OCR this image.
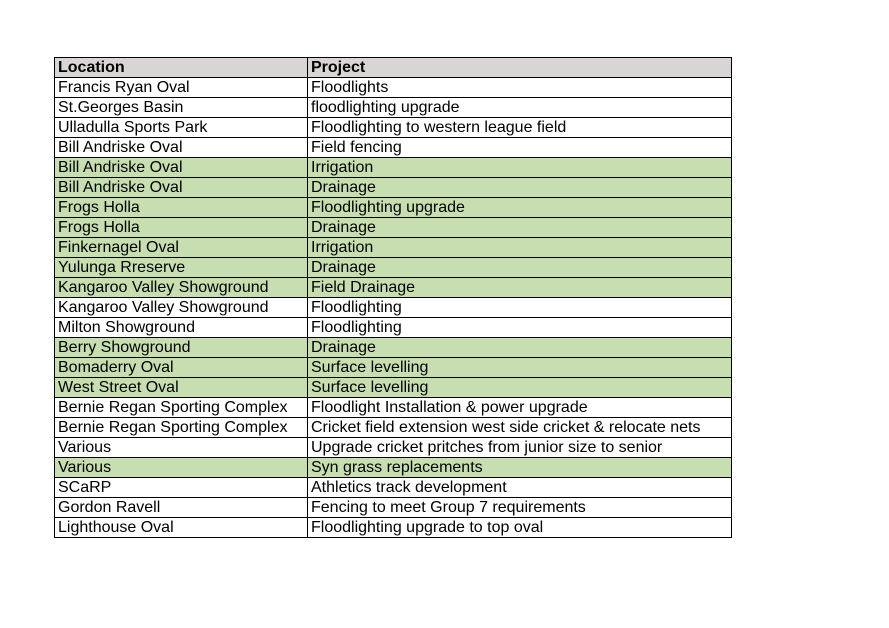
Location	Project
Francis Ryan Oval	Floodlights
St.Georges Basin	floodlighting upgrade
Ulladulla Sports Park	Floodlighting to western league field
Bill Andriske Oval	Field fencing
Bill Andriske Oval	Irrigation
Bill Andriske Oval	Drainage
Frogs Holla	Floodlighting upgrade
Frogs Holla	Drainage
Finkernagel Oval	Irrigation
Yulunga Rreserve	Drainage
Kangaroo Valley Showground	Field Drainage
Kangaroo Valley Showground	Floodlighting
Milton Showground	Floodlighting
Berry Showground	Drainage
Bomaderry Oval	Surface levelling
West Street Oval	Surface levelling
Bernie Regan Sporting Complex	Floodlight Installation & power upgrade
Bernie Regan Sporting Complex	Cricket field extension west side cricket & relocate nets
Various	Upgrade cricket pritches from junior size to senior
Various	Syn grass replacements
SCaRP	Athletics track development
Gordon Ravell	Fencing to meet Group 7 requirements
Lighthouse Oval	Floodlighting upgrade to top oval
